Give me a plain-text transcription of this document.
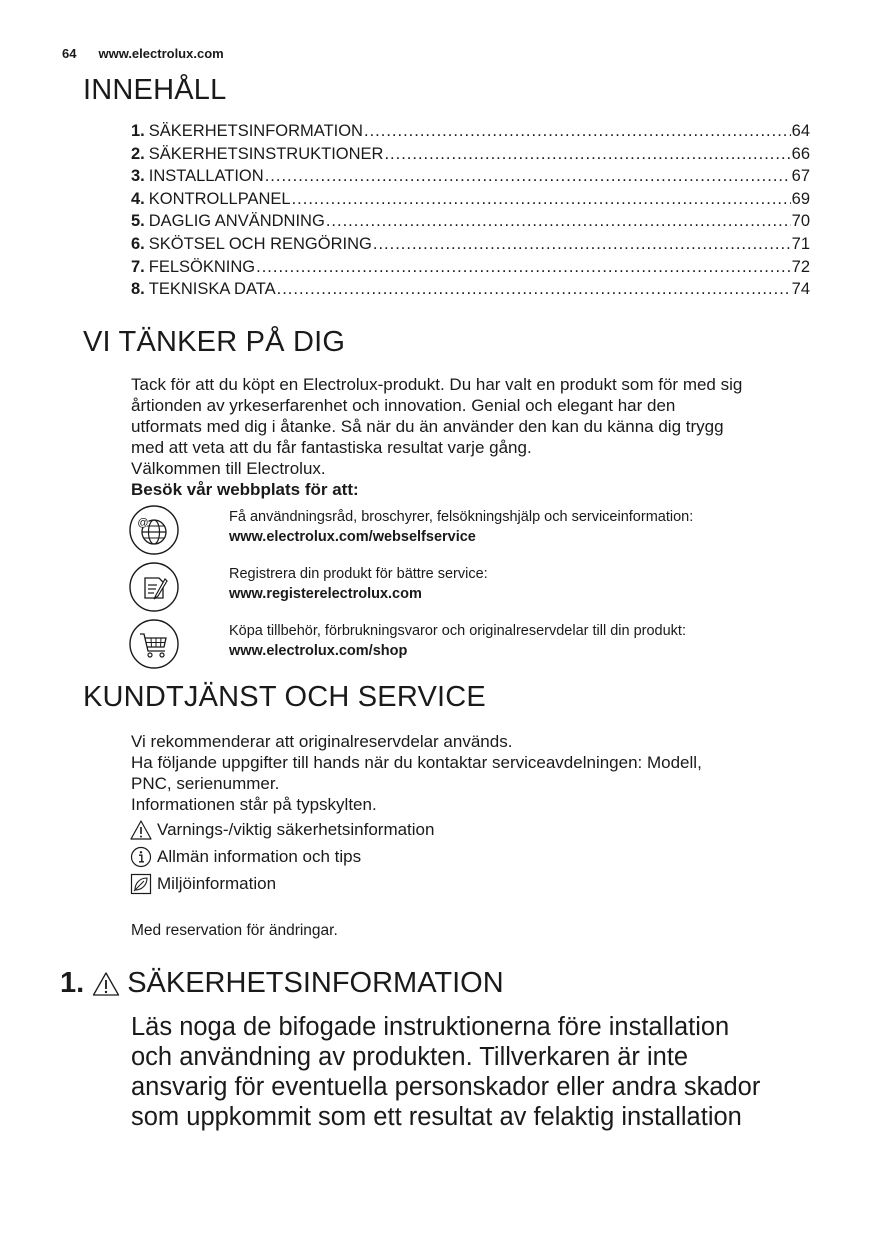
64 www.electrolux.com
INNEHÅLL
1. SÄKERHETSINFORMATION .....	64
2. SÄKERHETSINSTRUKTIONER .....	66
3. INSTALLATION .....	67
4. KONTROLLPANEL .....	69
5. DAGLIG ANVÄNDNING .....	70
6. SKÖTSEL OCH RENGÖRING .....	71
7. FELSÖKNING .....	72
8. TEKNISKA DATA .....	74
VI TÄNKER PÅ DIG

Tack för att du köpt en Electrolux-produkt. Du har valt en produkt som för med sig

årtionden av yrkeserfarenhet och innovation. Genial och elegant har den

utformats med dig i åtanke. Så när du än använder den kan du känna dig trygg

med att veta att du får fantastiska resultat varje gång.

Välkommen till Electrolux.

Besök vår webbplats för att:

@	Få användningsråd, broschyrer, felsökningshjälp och serviceinformation:
www.electrolux.com/webselfservice
Registrera din produkt för bättre service:
www.registerelectrolux.com
Köpa tillbehör, förbrukningsvaror och originalreservdelar till din produkt:
www.electrolux.com/shop
KUNDTJÄNST OCH SERVICE

Vi rekommenderar att originalreservdelar används.

Ha följande uppgifter till hands när du kontaktar serviceavdelningen: Modell,

PNC, serienummer.

Informationen står på typskylten.

Varnings-/viktig säkerhetsinformation
Allmän information och tips
Miljöinformation
Med reservation för ändringar.
1. SÄKERHETSINFORMATION

Läs noga de bifogade instruktionerna före installation

och användning av produkten. Tillverkaren är inte

ansvarig för eventuella personskador eller andra skador

som uppkommit som ett resultat av felaktig installation
